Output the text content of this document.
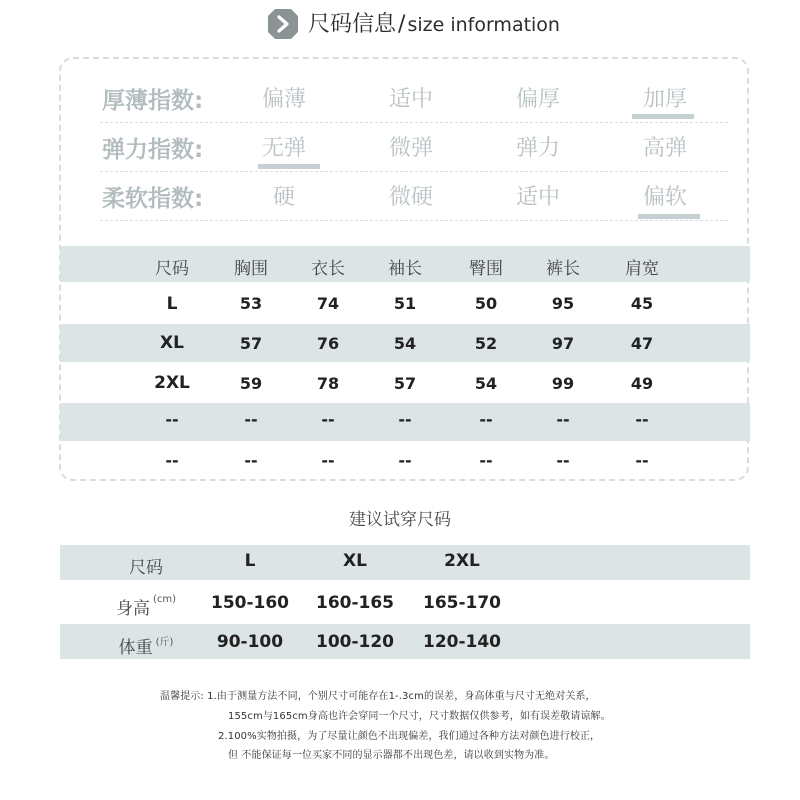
尺码信息/ size information
厚薄指数:	偏薄	适中	偏厚	加厚
弹力指数:	无弹	微弹	弹力	高弹
柔软指数:	硬	微硬	适中	偏软
尺码	胸围	衣长	袖长	臀围	裤长	肩宽
L	53	74	51	50	95	45
XL	57	76	54	52	97	47
2XL	59	78	57	54	99	49
--	--	--	--	--	--	--
--	--	--	--	--	--	--
建议试穿尺码
尺码	L	XL	2XL
身高 $^{(cm)}$	150-160	160-165	165-170
体重 $^{(斤)}$	90-100	100-120	120-140
温馨提示: 1.由于测量方法不同，个别尺寸可能存在1-.3cm的误差，身高体重与尺寸无绝对关系，
155cm与165cm身高也许会穿同一个尺寸，尺寸数据仅供参考，如有误差敬请谅解。
2.100%实物拍摄，为了尽量让颜色不出现偏差，我们通过各种方法对颜色进行校正，
但 不能保证每一位买家不同的显示器都不出现色差，请以收到实物为准。
